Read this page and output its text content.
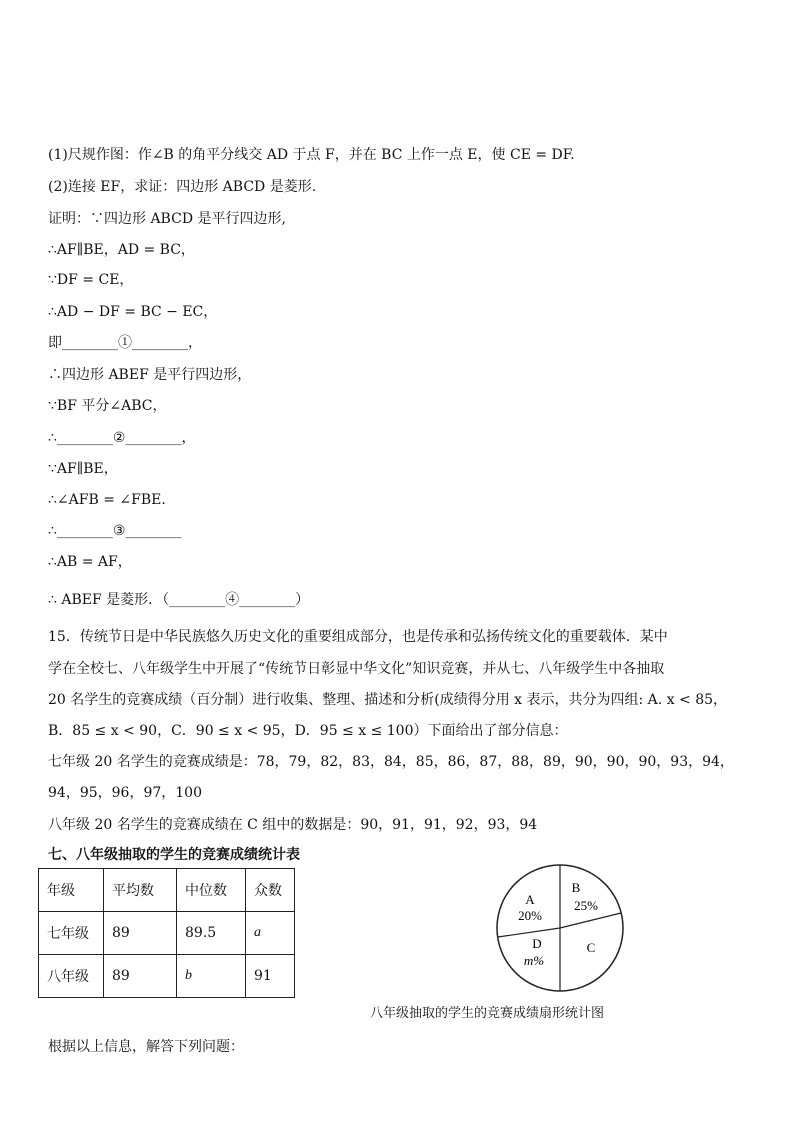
(1)尺规作图：作∠B 的角平分线交 AD 于点 F，并在 BC 上作一点 E，使 CE = DF.
(2)连接 EF，求证：四边形 ABCD 是菱形.
证明：∵四边形 ABCD 是平行四边形,
∴AF∥BE，AD = BC，
∵DF = CE，
∴AD − DF = BC − EC，
即________①________，
∴四边形 ABEF 是平行四边形，
∵BF 平分∠ABC，
∴________②________，
∵AF∥BE，
∴∠AFB = ∠FBE.
∴________③________
∴AB = AF，
∴ ABEF 是菱形．（________④________）
15．传统节日是中华民族悠久历史文化的重要组成部分，也是传承和弘扬传统文化的重要载体．某中
学在全校七、八年级学生中开展了“传统节日彰显中华文化”知识竞赛，并从七、八年级学生中各抽取
20 名学生的竞赛成绩（百分制）进行收集、整理、描述和分析(成绩得分用 x 表示，共分为四组: A. x < 85，
B．85 ≤ x < 90，C．90 ≤ x < 95，D．95 ≤ x ≤ 100）下面给出了部分信息：
七年级 20 名学生的竞赛成绩是：78，79，82，83，84，85，86，87，88，89，90，90，90，93，94，
94，95，96，97，100
八年级 20 名学生的竞赛成绩在 C 组中的数据是：90，91，91，92，93，94
七、八年级抽取的学生的竞赛成绩统计表
根据以上信息，解答下列问题：
年级	平均数	中位数	众数
七年级	89	89.5	a
八年级	89	b	91
A
20%
B
25%
C
D
m%
八年级抽取的学生的竞赛成绩扇形统计图
